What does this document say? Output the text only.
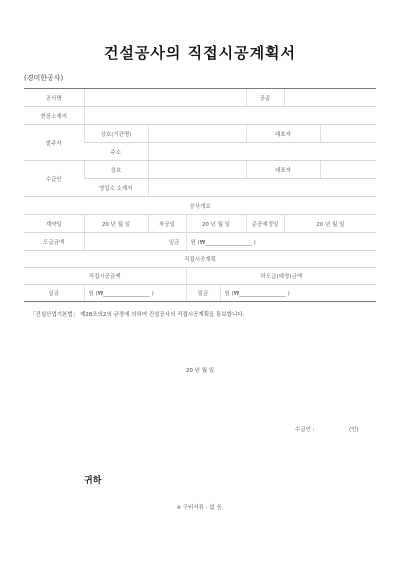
건설공사의 직접시공계획서
(경미한공사)
공사명					공종		
현장소재지							
발주자	상호(기관명)				대표자		
	주소						
수급인	상호				대표자		
	영업소 소재지						
공사개요							
계약일	20 년 월 일	착공일	20 년 월 일		준공예정일	20 년 월 일	
도급금액	일금		원 (₩_________________ )				
직접시공계획							
직접시공금액			하도급(예정)금액				
일금	원 (₩_________________ )		일금	원 (₩_________________ )			
「건설산업기본법」 제28조의2의 규정에 의하여 건설공사의 직접시공계획을 통보합니다.
20 년 월 일
수급인 :	(인)
귀하
※ 구비서류 : 없 음.
